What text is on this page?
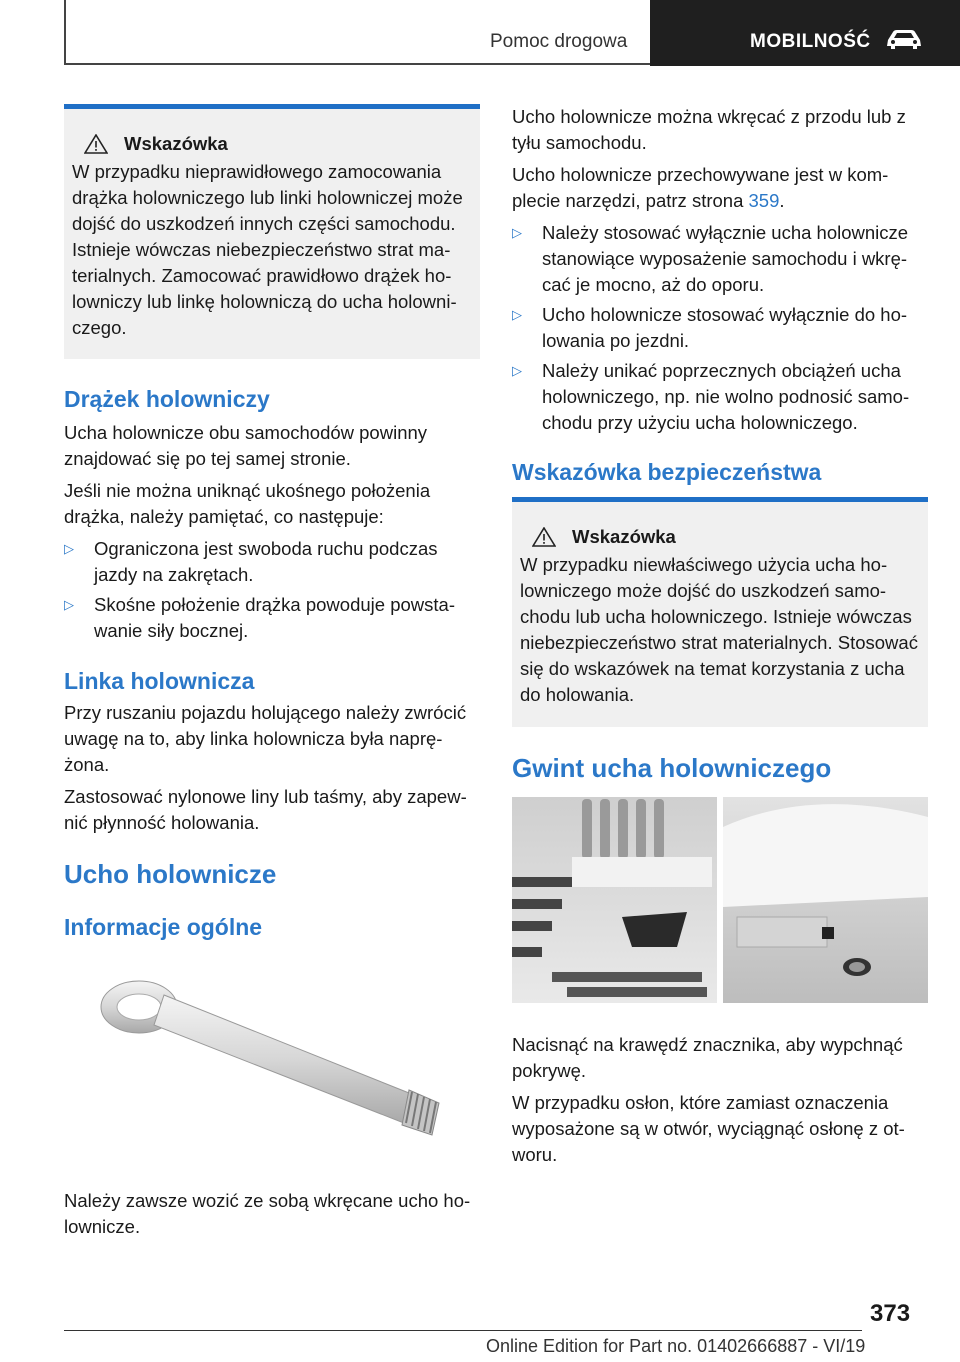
Pomoc drogowa	MOBILNOŚĆ
Wskazówka

W przypadku nieprawidłowego zamocowania drążka holowniczego lub linki holowniczej może dojść do uszkodzeń innych części samochodu. Istnieje wówczas niebezpieczeństwo strat materialnych. Zamocować prawidłowo drążek holowniczy lub linkę holowniczą do ucha holowniczego.

Drążek holowniczy

Ucha holownicze obu samochodów powinny znajdować się po tej samej stronie.

Jeśli nie można uniknąć ukośnego położenia drążka, należy pamiętać, co następuje:

▷	Ograniczona jest swoboda ruchu podczas jazdy na zakrętach.

▷	Skośne położenie drążka powoduje powstawanie siły bocznej.

Linka holownicza

Przy ruszaniu pojazdu holującego należy zwrócić uwagę na to, aby linka holownicza była naprężona.

Zastosować nylonowe liny lub taśmy, aby zapewnić płynność holowania.

Ucho holownicze
Informacje ogólne

Należy zawsze wozić ze sobą wkręcane ucho holownicze.

Ucho holownicze można wkręcać z przodu lub z tyłu samochodu.

Ucho holownicze przechowywane jest w komplecie narzędzi, patrz strona 359.

▷	Należy stosować wyłącznie ucha holownicze stanowiące wyposażenie samochodu i wkręcać je mocno, aż do oporu.

▷	Ucho holownicze stosować wyłącznie do holowania po jezdni.

▷	Należy unikać poprzecznych obciążeń ucha holowniczego, np. nie wolno podnosić samochodu przy użyciu ucha holowniczego.

Wskazówka bezpieczeństwa
Wskazówka

W przypadku niewłaściwego użycia ucha holowniczego może dojść do uszkodzeń samochodu lub ucha holowniczego. Istnieje wówczas niebezpieczeństwo strat materialnych. Stosować się do wskazówek na temat korzystania z ucha do holowania.

Gwint ucha holowniczego

Nacisnąć na krawędź znacznika, aby wypchnąć pokrywę.

W przypadku osłon, które zamiast oznaczenia wyposażone są w otwór, wyciągnąć osłonę z otworu.

373
Online Edition for Part no. 01402666887 - VI/19
